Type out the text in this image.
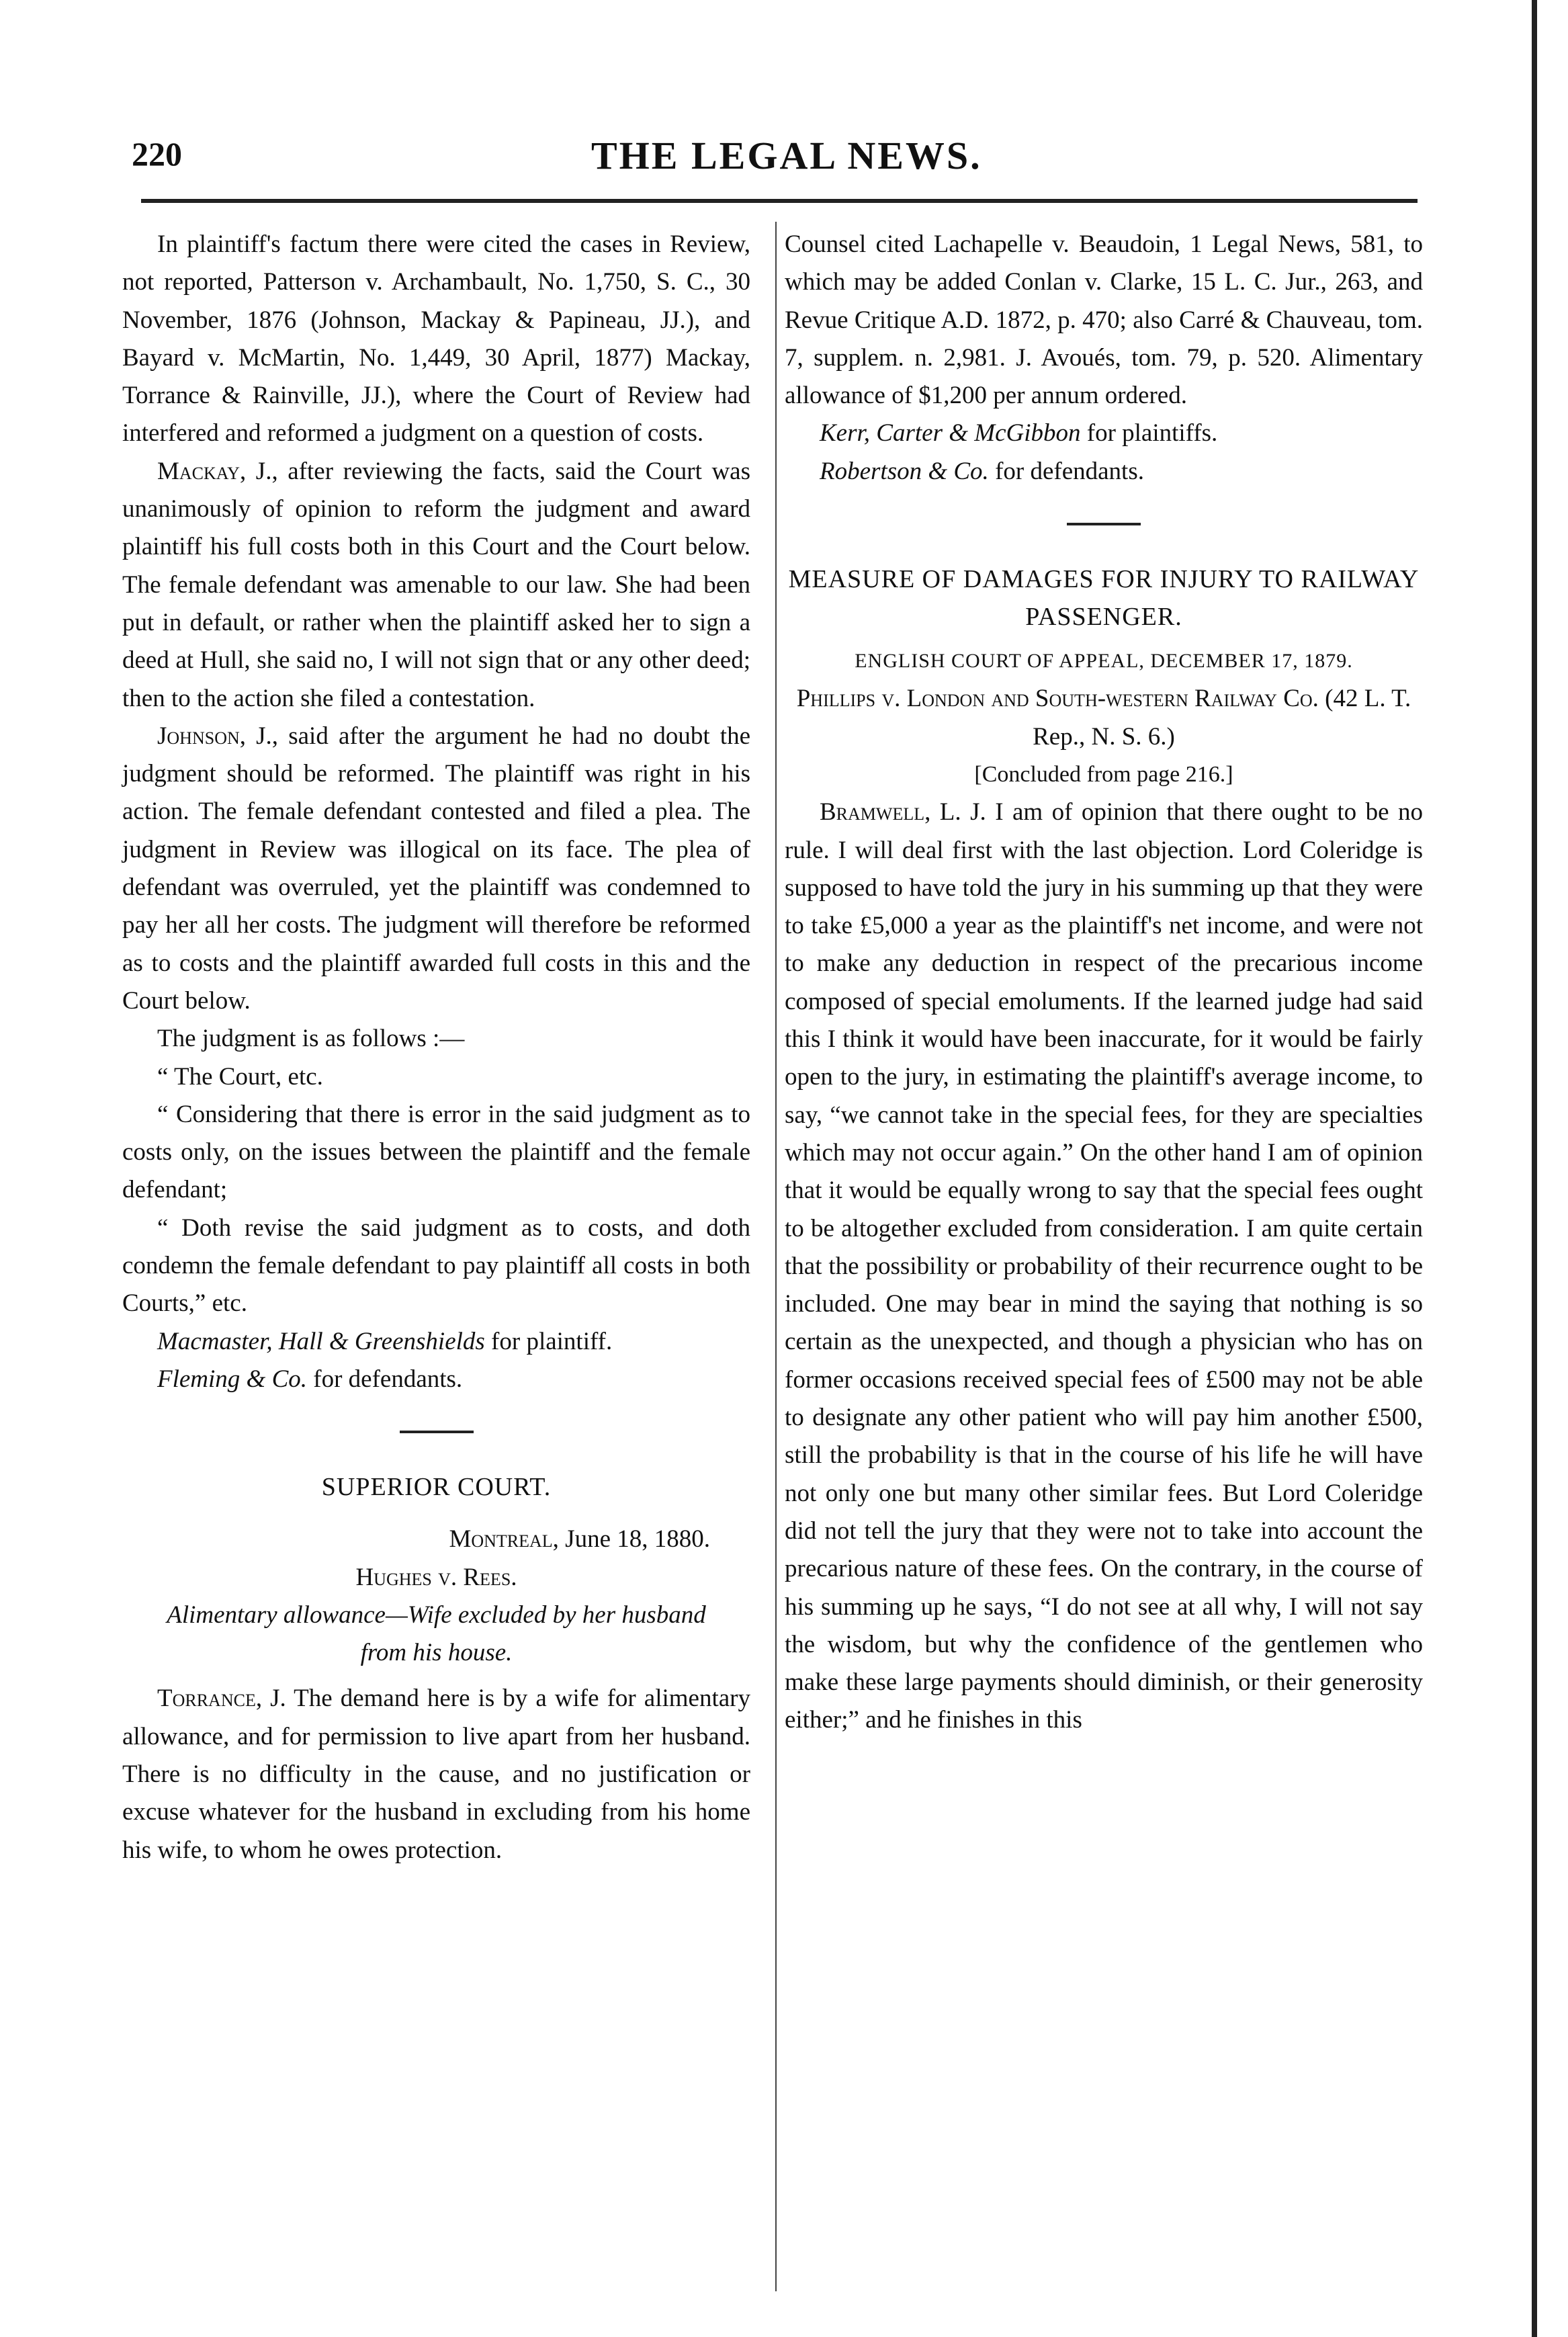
220	THE LEGAL NEWS.

In plaintiff's factum there were cited the cases in Review, not reported, Patterson v. Archambault, No. 1,750, S. C., 30 November, 1876 (Johnson, Mackay & Papineau, JJ.), and Bayard v. McMartin, No. 1,449, 30 April, 1877) Mackay, Torrance & Rainville, JJ.), where the Court of Review had interfered and reformed a judgment on a question of costs.

Mackay, J., after reviewing the facts, said the Court was unanimously of opinion to reform the judgment and award plaintiff his full costs both in this Court and the Court below. The female defendant was amenable to our law. She had been put in default, or rather when the plaintiff asked her to sign a deed at Hull, she said no, I will not sign that or any other deed; then to the action she filed a contestation.

Johnson, J., said after the argument he had no doubt the judgment should be reformed. The plaintiff was right in his action. The female defendant contested and filed a plea. The judgment in Review was illogical on its face. The plea of defendant was overruled, yet the plaintiff was condemned to pay her all her costs. The judgment will therefore be reformed as to costs and the plaintiff awarded full costs in this and the Court below.

The judgment is as follows :—

“ The Court, etc.

“ Considering that there is error in the said judgment as to costs only, on the issues between the plaintiff and the female defendant;

“ Doth revise the said judgment as to costs, and doth condemn the female defendant to pay plaintiff all costs in both Courts,” etc.

Macmaster, Hall & Greenshields for plaintiff.

Fleming & Co. for defendants.

SUPERIOR COURT.

Montreal, June 18, 1880.

Hughes v. Rees.

Alimentary allowance—Wife excluded by her husband from his house.

Torrance, J. The demand here is by a wife for alimentary allowance, and for permission to live apart from her husband. There is no difficulty in the cause, and no justification or excuse whatever for the husband in excluding from his home his wife, to whom he owes protection.

Counsel cited Lachapelle v. Beaudoin, 1 Legal News, 581, to which may be added Conlan v. Clarke, 15 L. C. Jur., 263, and Revue Critique A.D. 1872, p. 470; also Carré & Chauveau, tom. 7, supplem. n. 2,981. J. Avoués, tom. 79, p. 520. Alimentary allowance of $1,200 per annum ordered.

Kerr, Carter & McGibbon for plaintiffs.

Robertson & Co. for defendants.

MEASURE OF DAMAGES FOR INJURY TO RAILWAY PASSENGER.

ENGLISH COURT OF APPEAL, DECEMBER 17, 1879.

Phillips v. London and South-western Railway Co. (42 L. T. Rep., N. S. 6.)

[Concluded from page 216.]

Bramwell, L. J. I am of opinion that there ought to be no rule. I will deal first with the last objection. Lord Coleridge is supposed to have told the jury in his summing up that they were to take £5,000 a year as the plaintiff's net income, and were not to make any deduction in respect of the precarious income composed of special emoluments. If the learned judge had said this I think it would have been inaccurate, for it would be fairly open to the jury, in estimating the plaintiff's average income, to say, “we cannot take in the special fees, for they are specialties which may not occur again.” On the other hand I am of opinion that it would be equally wrong to say that the special fees ought to be altogether excluded from consideration. I am quite certain that the possibility or probability of their recurrence ought to be included. One may bear in mind the saying that nothing is so certain as the unexpected, and though a physician who has on former occasions received special fees of £500 may not be able to designate any other patient who will pay him another £500, still the probability is that in the course of his life he will have not only one but many other similar fees. But Lord Coleridge did not tell the jury that they were not to take into account the precarious nature of these fees. On the contrary, in the course of his summing up he says, “I do not see at all why, I will not say the wisdom, but why the confidence of the gentlemen who make these large payments should diminish, or their generosity either;” and he finishes in this
